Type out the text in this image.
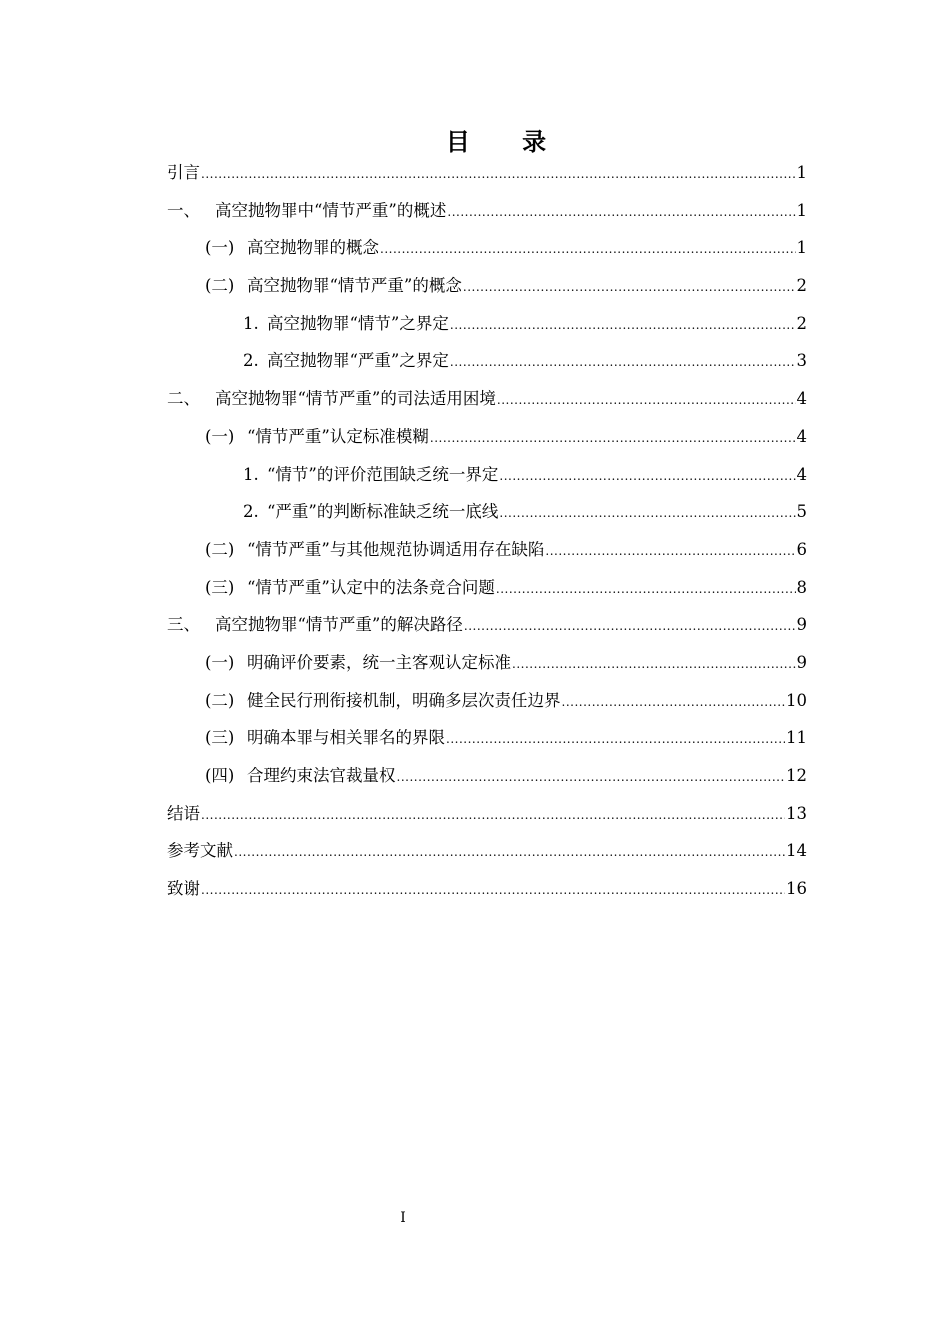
目 录
引言 .....	1
一、 高空抛物罪中“情节严重”的概述 .....	1
(一) 高空抛物罪的概念 .....	1
(二) 高空抛物罪“情节严重”的概念 .....	2
1. 高空抛物罪“情节”之界定 .....	2
2. 高空抛物罪“严重”之界定 .....	3
二、 高空抛物罪“情节严重”的司法适用困境 .....	4
(一) “情节严重”认定标准模糊 .....	4
1. “情节”的评价范围缺乏统一界定 .....	4
2. “严重”的判断标准缺乏统一底线 .....	5
(二) “情节严重”与其他规范协调适用存在缺陷 .....	6
(三) “情节严重”认定中的法条竞合问题 .....	8
三、 高空抛物罪“情节严重”的解决路径 .....	9
(一) 明确评价要素，统一主客观认定标准 .....	9
(二) 健全民行刑衔接机制，明确多层次责任边界 .....	10
(三) 明确本罪与相关罪名的界限 .....	11
(四) 合理约束法官裁量权 .....	12
结语 .....	13
参考文献 .....	14
致谢 .....	16
I
